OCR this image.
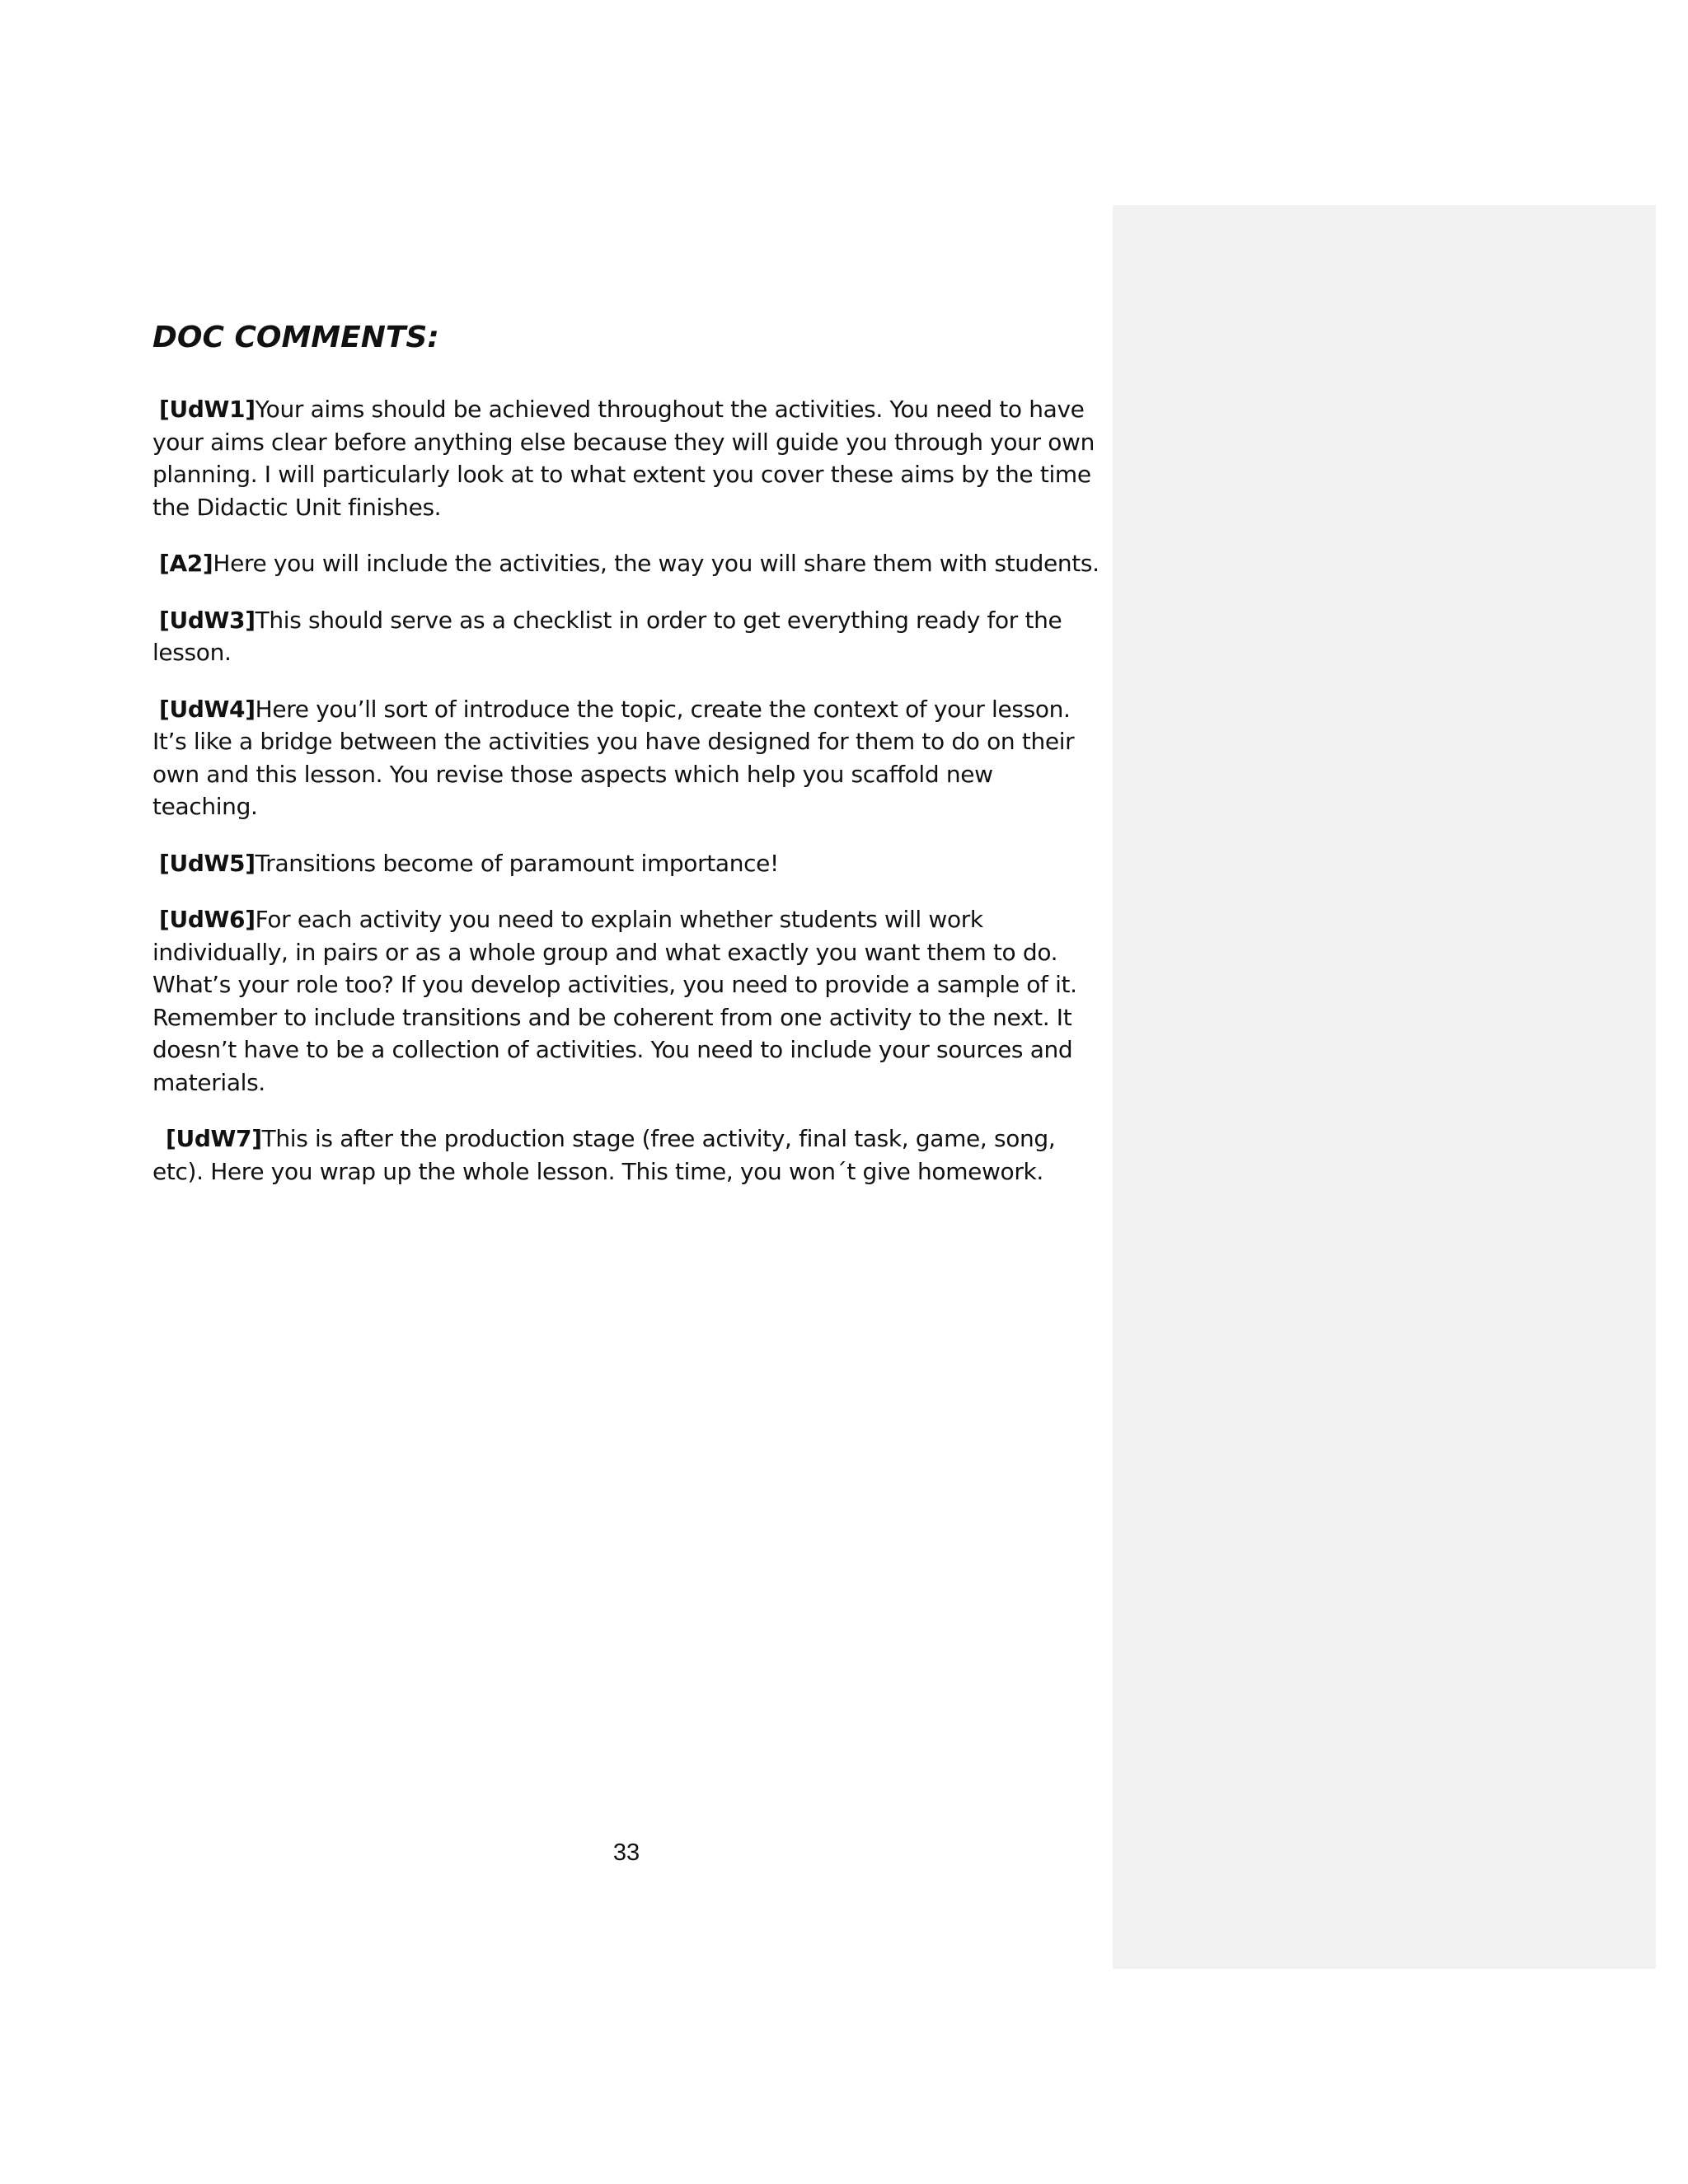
DOC COMMENTS:

[UdW1]Your aims should be achieved throughout the activities. You need to have your aims clear before anything else because they will guide you through your own planning. I will particularly look at to what extent you cover these aims by the time the Didactic Unit finishes.

[A2]Here you will include the activities, the way you will share them with students.

[UdW3]This should serve as a checklist in order to get everything ready for the lesson.

[UdW4]Here you’ll sort of introduce the topic, create the context of your lesson. It’s like a bridge between the activities you have designed for them to do on their own and this lesson. You revise those aspects which help you scaffold new teaching.

[UdW5]Transitions become of paramount importance!

[UdW6]For each activity you need to explain whether students will work individually, in pairs or as a whole group and what exactly you want them to do. What’s your role too? If you develop activities, you need to provide a sample of it. Remember to include transitions and be coherent from one activity to the next. It doesn’t have to be a collection of activities. You need to include your sources and materials.

[UdW7]This is after the production stage (free activity, final task, game, song, etc). Here you wrap up the whole lesson. This time, you won´t give homework.

33
